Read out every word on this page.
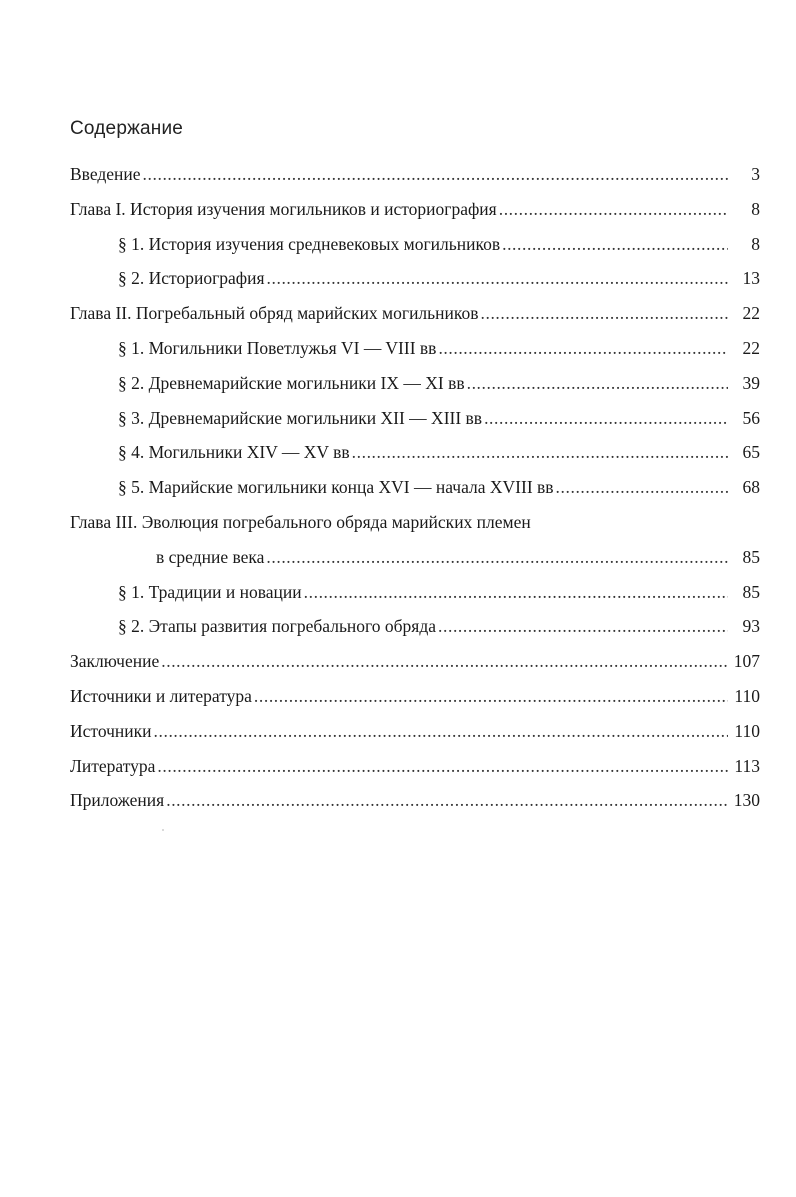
Содержание
Введение .....	3
Глава I. История изучения могильников и историография .....	8
§ 1. История изучения средневековых могильников .....	8
§ 2. Историография .....	13
Глава II. Погребальный обряд марийских могильников .....	22
§ 1. Могильники Поветлужья VI — VIII вв .....	22
§ 2. Древнемарийские могильники IX — XI вв .....	39
§ 3. Древнемарийские могильники XII — XIII вв .....	56
§ 4. Могильники XIV — XV вв .....	65
§ 5. Марийские могильники конца XVI — начала XVIII вв .....	68
Глава III. Эволюция погребального обряда марийских племен
в средние века .....	85
§ 1. Традиции и новации .....	85
§ 2. Этапы развития погребального обряда .....	93
Заключение .....	107
Источники и литература .....	110
Источники .....	110
Литература .....	113
Приложения .....	130
